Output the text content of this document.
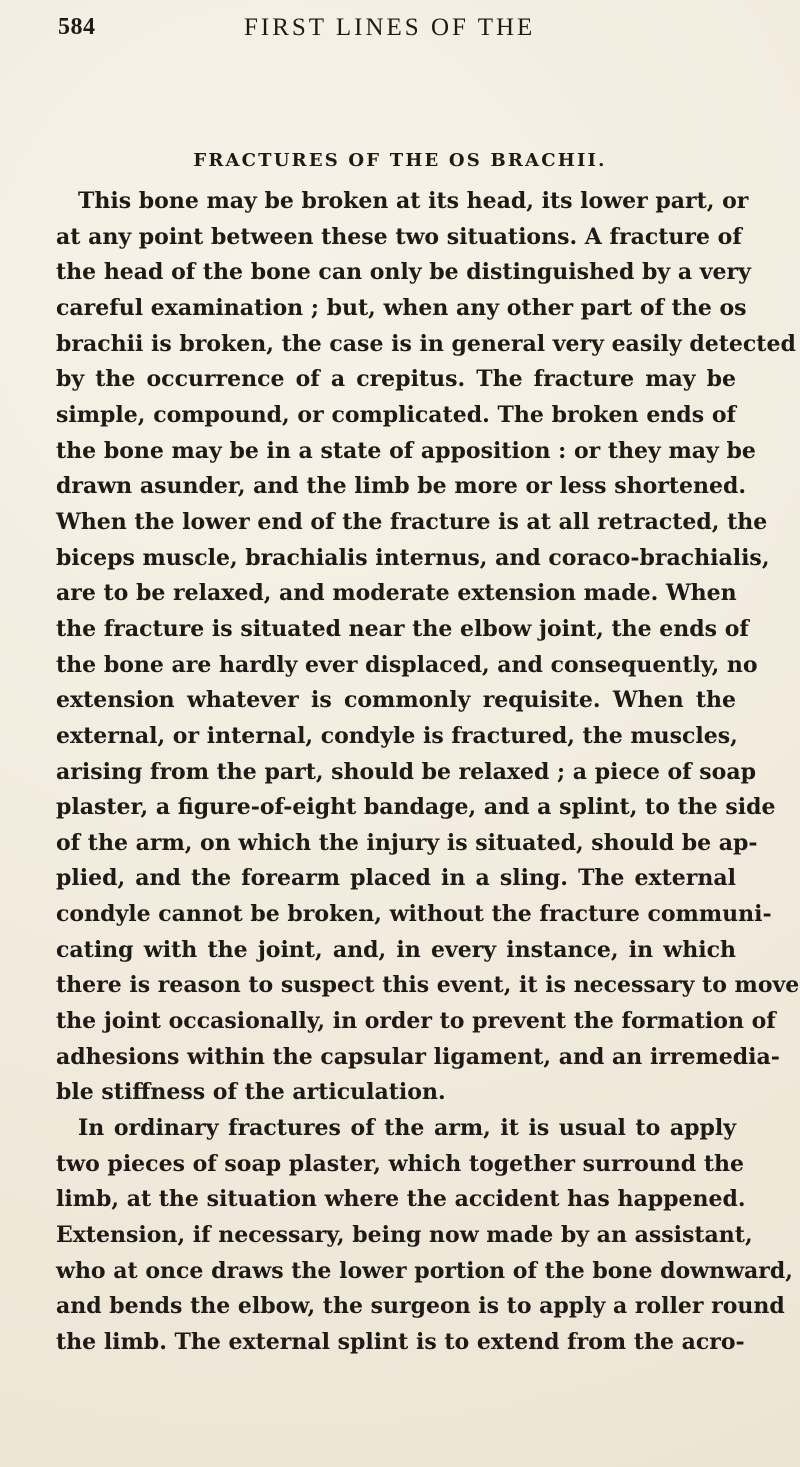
584	FIRST LINES OF THE
FRACTURES OF THE OS BRACHII.
This bone may be broken at its head, its lower part, or
at any point between these two situations. A fracture of
the head of the bone can only be distinguished by a very
careful examination ; but, when any other part of the os
brachii is broken, the case is in general very easily detected
by the occurrence of a crepitus. The fracture may be
simple, compound, or complicated. The broken ends of
the bone may be in a state of apposition : or they may be
drawn asunder, and the limb be more or less shortened.
When the lower end of the fracture is at all retracted, the
biceps muscle, brachialis internus, and coraco-brachialis,
are to be relaxed, and moderate extension made. When
the fracture is situated near the elbow joint, the ends of
the bone are hardly ever displaced, and consequently, no
extension whatever is commonly requisite. When the
external, or internal, condyle is fractured, the muscles,
arising from the part, should be relaxed ; a piece of soap
plaster, a figure-of-eight bandage, and a splint, to the side
of the arm, on which the injury is situated, should be ap-
plied, and the forearm placed in a sling. The external
condyle cannot be broken, without the fracture communi-
cating with the joint, and, in every instance, in which
there is reason to suspect this event, it is necessary to move
the joint occasionally, in order to prevent the formation of
adhesions within the capsular ligament, and an irremedia-
ble stiffness of the articulation.
In ordinary fractures of the arm, it is usual to apply
two pieces of soap plaster, which together surround the
limb, at the situation where the accident has happened.
Extension, if necessary, being now made by an assistant,
who at once draws the lower portion of the bone downward,
and bends the elbow, the surgeon is to apply a roller round
the limb. The external splint is to extend from the acro-
